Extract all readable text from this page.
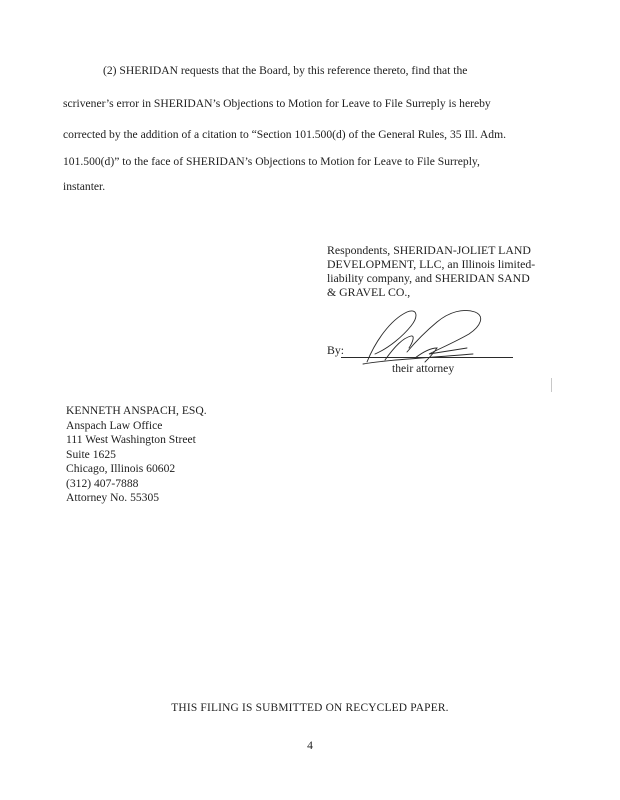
(2) SHERIDAN requests that the Board, by this reference thereto, find that the
scrivener’s error in SHERIDAN’s Objections to Motion for Leave to File Surreply is hereby
corrected by the addition of a citation to “Section 101.500(d) of the General Rules, 35 Ill. Adm.
101.500(d)” to the face of SHERIDAN’s Objections to Motion for Leave to File Surreply,
instanter.
Respondents, SHERIDAN-JOLIET LAND
DEVELOPMENT, LLC, an Illinois limited-
liability company, and SHERIDAN SAND
& GRAVEL CO.,
By:
their attorney
KENNETH ANSPACH, ESQ.
Anspach Law Office
111 West Washington Street
Suite 1625
Chicago, Illinois 60602
(312) 407-7888
Attorney No. 55305
THIS FILING IS SUBMITTED ON RECYCLED PAPER.
4
